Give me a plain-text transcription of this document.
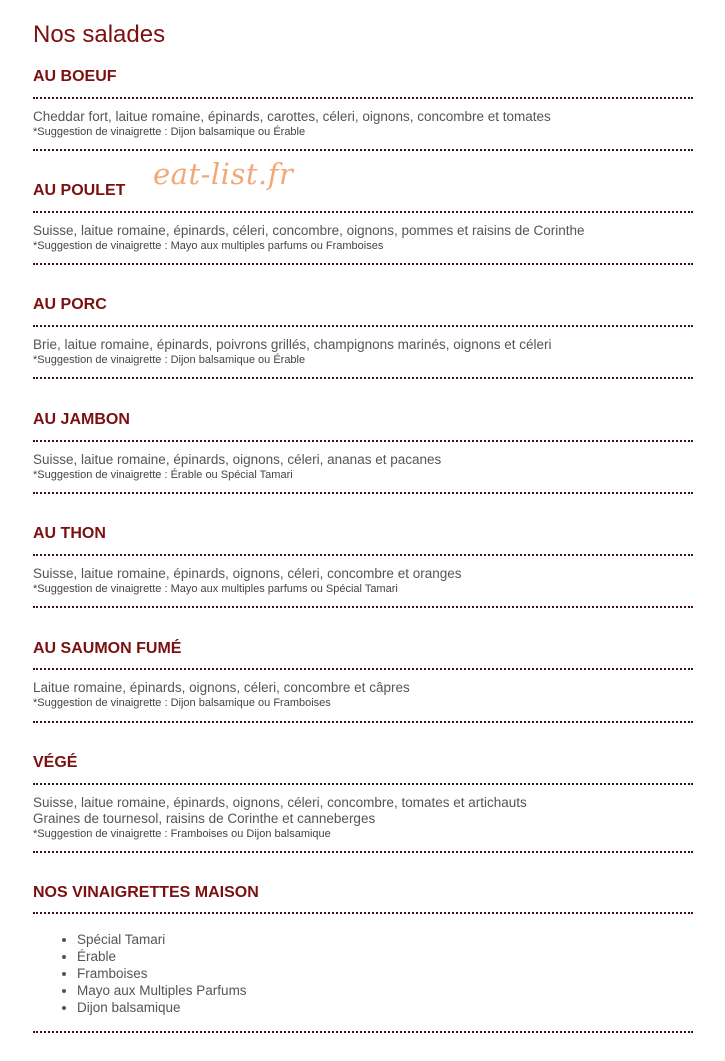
Nos salades
AU BOEUF
Cheddar fort, laitue romaine, épinards, carottes, céleri, oignons, concombre et tomates
*Suggestion de vinaigrette : Dijon balsamique ou Érable
AU POULET
Suisse, laitue romaine, épinards, céleri, concombre, oignons, pommes et raisins de Corinthe
*Suggestion de vinaigrette : Mayo aux multiples parfums ou Framboises
AU PORC
Brie, laitue romaine, épinards, poivrons grillés, champignons marinés, oignons et céleri
*Suggestion de vinaigrette : Dijon balsamique ou Érable
AU JAMBON
Suisse, laitue romaine, épinards, oignons, céleri, ananas et pacanes
*Suggestion de vinaigrette : Érable ou Spécial Tamari
AU THON
Suisse, laitue romaine, épinards, oignons, céleri, concombre et oranges
*Suggestion de vinaigrette : Mayo aux multiples parfums ou Spécial Tamari
AU SAUMON FUMÉ
Laitue romaine, épinards, oignons, céleri, concombre et câpres
*Suggestion de vinaigrette : Dijon balsamique ou Framboises
VÉGÉ
Suisse, laitue romaine, épinards, oignons, céleri, concombre, tomates et artichauts
Graines de tournesol, raisins de Corinthe et canneberges
*Suggestion de vinaigrette : Framboises ou Dijon balsamique
NOS VINAIGRETTES MAISON
• Spécial Tamari
• Érable
• Framboises
• Mayo aux Multiples Parfums
• Dijon balsamique
eat-list.fr
